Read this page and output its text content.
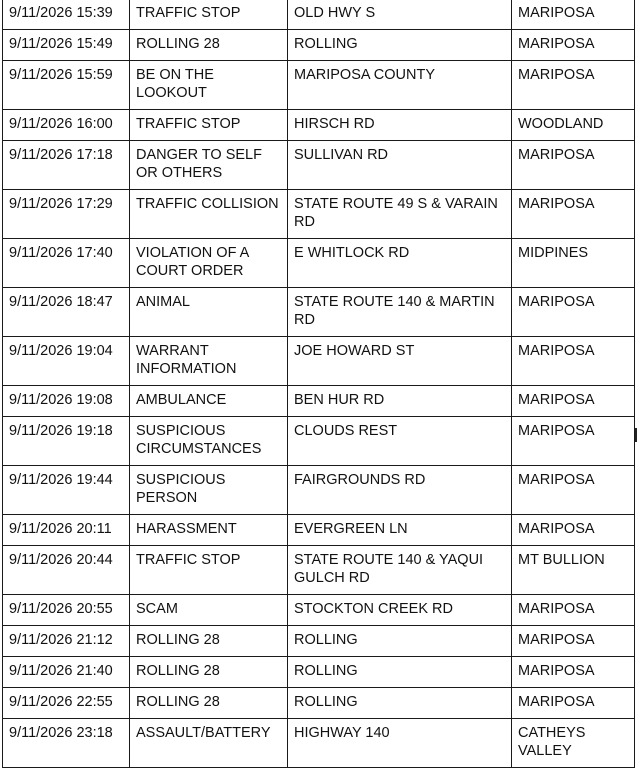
9/11/2026 15:39	TRAFFIC STOP	OLD HWY S	MARIPOSA
9/11/2026 15:49	ROLLING 28	ROLLING	MARIPOSA
9/11/2026 15:59	BE ON THE LOOKOUT	MARIPOSA COUNTY	MARIPOSA
9/11/2026 16:00	TRAFFIC STOP	HIRSCH RD	WOODLAND
9/11/2026 17:18	DANGER TO SELF OR OTHERS	SULLIVAN RD	MARIPOSA
9/11/2026 17:29	TRAFFIC COLLISION	STATE ROUTE 49 S & VARAIN RD	MARIPOSA
9/11/2026 17:40	VIOLATION OF A COURT ORDER	E WHITLOCK RD	MIDPINES
9/11/2026 18:47	ANIMAL	STATE ROUTE 140 & MARTIN RD	MARIPOSA
9/11/2026 19:04	WARRANT INFORMATION	JOE HOWARD ST	MARIPOSA
9/11/2026 19:08	AMBULANCE	BEN HUR RD	MARIPOSA
9/11/2026 19:18	SUSPICIOUS CIRCUMSTANCES	CLOUDS REST	MARIPOSA
9/11/2026 19:44	SUSPICIOUS PERSON	FAIRGROUNDS RD	MARIPOSA
9/11/2026 20:11	HARASSMENT	EVERGREEN LN	MARIPOSA
9/11/2026 20:44	TRAFFIC STOP	STATE ROUTE 140 & YAQUI GULCH RD	MT BULLION
9/11/2026 20:55	SCAM	STOCKTON CREEK RD	MARIPOSA
9/11/2026 21:12	ROLLING 28	ROLLING	MARIPOSA
9/11/2026 21:40	ROLLING 28	ROLLING	MARIPOSA
9/11/2026 22:55	ROLLING 28	ROLLING	MARIPOSA
9/11/2026 23:18	ASSAULT/BATTERY	HIGHWAY 140	CATHEYS VALLEY
